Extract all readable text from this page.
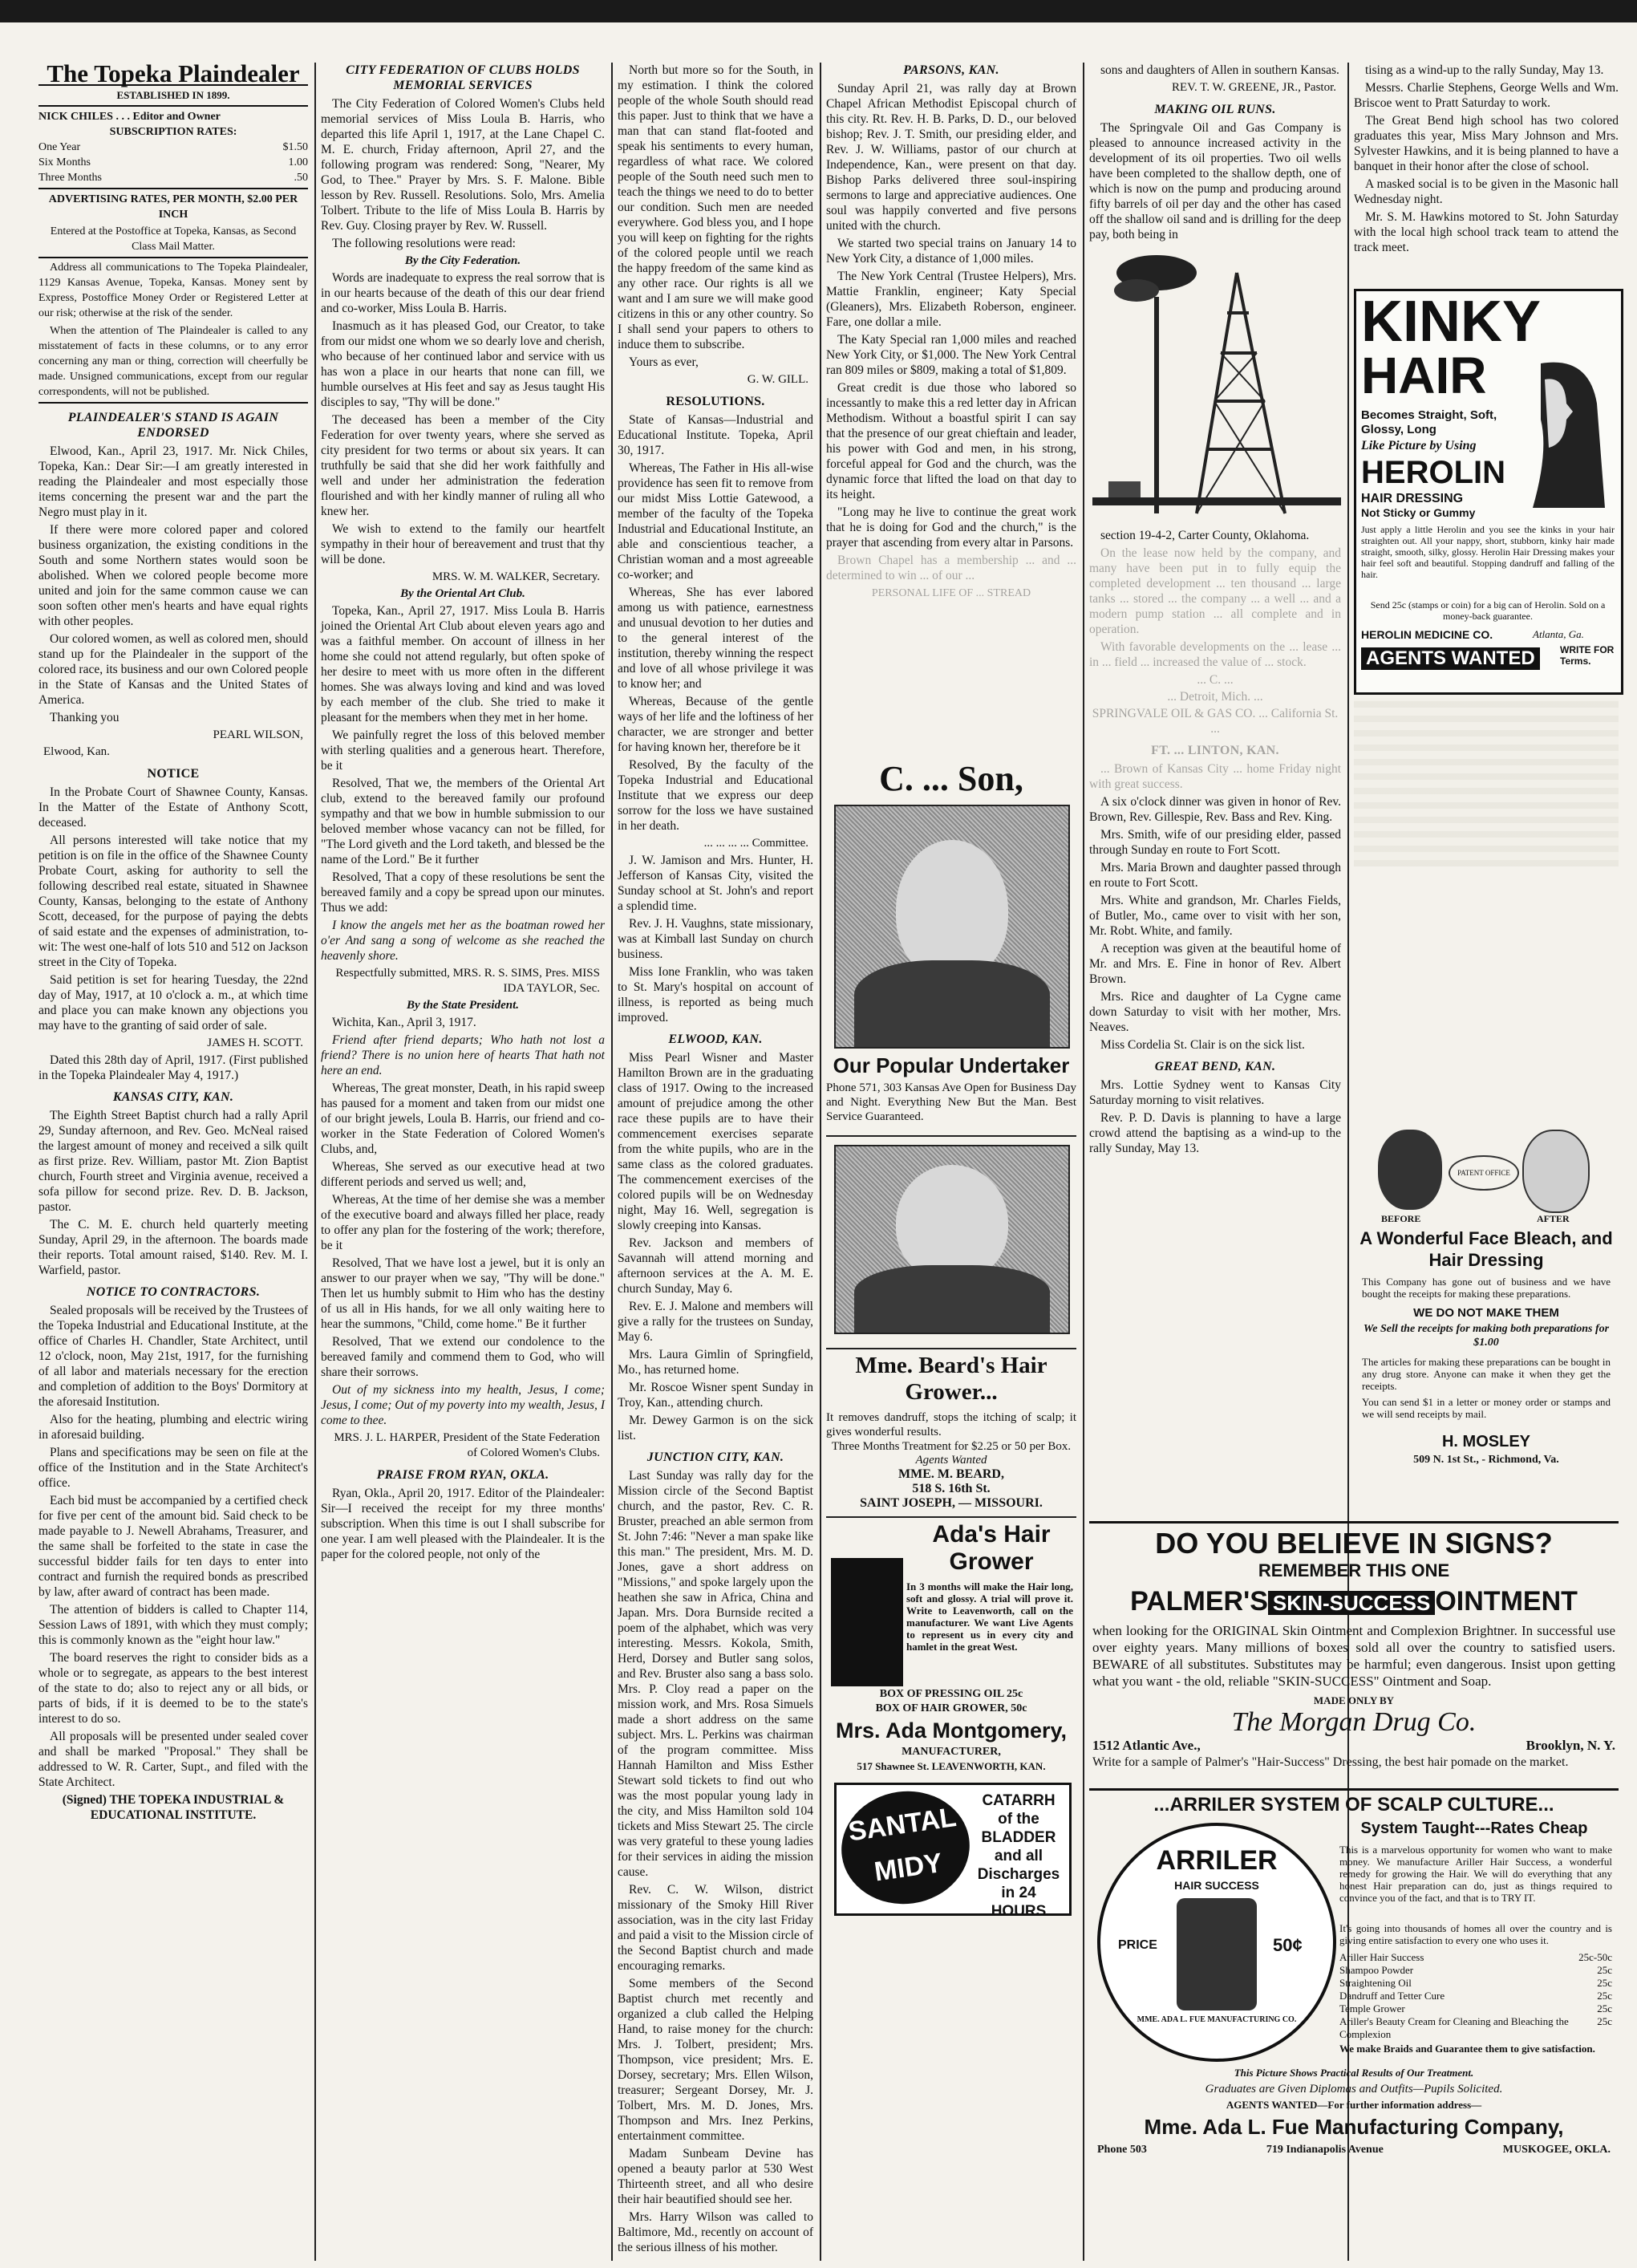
The Topeka Plaindealer
ESTABLISHED IN 1899.
NICK CHILES . . . Editor and Owner
SUBSCRIPTION RATES:
One Year	$1.50
Six Months	1.00
Three Months	.50
ADVERTISING RATES, PER MONTH, $2.00 PER INCH
Entered at the Postoffice at Topeka, Kansas, as Second Class Mail Matter.

Address all communications to The Topeka Plaindealer, 1129 Kansas Avenue, Topeka, Kansas. Money sent by Express, Postoffice Money Order or Registered Letter at our risk; otherwise at the risk of the sender.

When the attention of The Plaindealer is called to any misstatement of facts in these columns, or to any error concerning any man or thing, correction will cheerfully be made. Unsigned communications, except from our regular correspondents, will not be published.

PLAINDEALER'S STAND IS AGAIN ENDORSED

Elwood, Kan., April 23, 1917. Mr. Nick Chiles, Topeka, Kan.: Dear Sir:—I am greatly interested in reading the Plaindealer and most especially those items concerning the present war and the part the Negro must play in it.

If there were more colored paper and colored business organization, the existing conditions in the South and some Northern states would soon be abolished. When we colored people become more united and join for the same common cause we can soon soften other men's hearts and have equal rights with other peoples.

Our colored women, as well as colored men, should stand up for the Plaindealer in the support of the colored race, its business and our own Colored people in the State of Kansas and the United States of America.

Thanking you

PEARL WILSON,
Elwood, Kan.
NOTICE

In the Probate Court of Shawnee County, Kansas. In the Matter of the Estate of Anthony Scott, deceased.

All persons interested will take notice that my petition is on file in the office of the Shawnee County Probate Court, asking for authority to sell the following described real estate, situated in Shawnee County, Kansas, belonging to the estate of Anthony Scott, deceased, for the purpose of paying the debts of said estate and the expenses of administration, to-wit: The west one-half of lots 510 and 512 on Jackson street in the City of Topeka.

Said petition is set for hearing Tuesday, the 22nd day of May, 1917, at 10 o'clock a. m., at which time and place you can make known any objections you may have to the granting of said order of sale.

JAMES H. SCOTT.

Dated this 28th day of April, 1917. (First published in the Topeka Plaindealer May 4, 1917.)

KANSAS CITY, KAN.

The Eighth Street Baptist church had a rally April 29, Sunday afternoon, and Rev. Geo. McNeal raised the largest amount of money and received a silk quilt as first prize. Rev. William, pastor Mt. Zion Baptist church, Fourth street and Virginia avenue, received a sofa pillow for second prize. Rev. D. B. Jackson, pastor.

The C. M. E. church held quarterly meeting Sunday, April 29, in the afternoon. The boards made their reports. Total amount raised, $140. Rev. M. I. Warfield, pastor.

NOTICE TO CONTRACTORS.

Sealed proposals will be received by the Trustees of the Topeka Industrial and Educational Institute, at the office of Charles H. Chandler, State Architect, until 12 o'clock, noon, May 21st, 1917, for the furnishing of all labor and materials necessary for the erection and completion of addition to the Boys' Dormitory at the aforesaid Institution.

Also for the heating, plumbing and electric wiring in aforesaid building.

Plans and specifications may be seen on file at the office of the Institution and in the State Architect's office.

Each bid must be accompanied by a certified check for five per cent of the amount bid. Said check to be made payable to J. Newell Abrahams, Treasurer, and the same shall be forfeited to the state in case the successful bidder fails for ten days to enter into contract and furnish the required bonds as prescribed by law, after award of contract has been made.

The attention of bidders is called to Chapter 114, Session Laws of 1891, with which they must comply; this is commonly known as the "eight hour law."

The board reserves the right to consider bids as a whole or to segregate, as appears to the best interest of the state to do; also to reject any or all bids, or parts of bids, if it is deemed to be to the state's interest to do so.

All proposals will be presented under sealed cover and shall be marked "Proposal." They shall be addressed to W. R. Carter, Supt., and filed with the State Architect.

(Signed) THE TOPEKA INDUSTRIAL & EDUCATIONAL INSTITUTE.
CITY FEDERATION OF CLUBS HOLDS MEMORIAL SERVICES

The City Federation of Colored Women's Clubs held memorial services of Miss Loula B. Harris, who departed this life April 1, 1917, at the Lane Chapel C. M. E. church, Friday afternoon, April 27, and the following program was rendered: Song, "Nearer, My God, to Thee." Prayer by Mrs. S. F. Malone. Bible lesson by Rev. Russell. Resolutions. Solo, Mrs. Amelia Tolbert. Tribute to the life of Miss Loula B. Harris by Rev. Guy. Closing prayer by Rev. W. Russell.

The following resolutions were read:

By the City Federation.

Words are inadequate to express the real sorrow that is in our hearts because of the death of this our dear friend and co-worker, Miss Loula B. Harris.

Inasmuch as it has pleased God, our Creator, to take from our midst one whom we so dearly love and cherish, who because of her continued labor and service with us has won a place in our hearts that none can fill, we humble ourselves at His feet and say as Jesus taught His disciples to say, "Thy will be done."

The deceased has been a member of the City Federation for over twenty years, where she served as city president for two terms or about six years. It can truthfully be said that she did her work faithfully and well and under her administration the federation flourished and with her kindly manner of ruling all who knew her.

We wish to extend to the family our heartfelt sympathy in their hour of bereavement and trust that thy will be done.

MRS. W. M. WALKER, Secretary.
By the Oriental Art Club.

Topeka, Kan., April 27, 1917. Miss Loula B. Harris joined the Oriental Art Club about eleven years ago and was a faithful member. On account of illness in her home she could not attend regularly, but often spoke of her desire to meet with us more often in the different homes. She was always loving and kind and was loved by each member of the club. She tried to make it pleasant for the members when they met in her home.

We painfully regret the loss of this beloved member with sterling qualities and a generous heart. Therefore, be it

Resolved, That we, the members of the Oriental Art club, extend to the bereaved family our profound sympathy and that we bow in humble submission to our beloved member whose vacancy can not be filled, for "The Lord giveth and the Lord taketh, and blessed be the name of the Lord." Be it further

Resolved, That a copy of these resolutions be sent the bereaved family and a copy be spread upon our minutes. Thus we add:

I know the angels met her as the boatman rowed her o'er And sang a song of welcome as she reached the heavenly shore.

Respectfully submitted, MRS. R. S. SIMS, Pres. MISS IDA TAYLOR, Sec.
By the State President.

Wichita, Kan., April 3, 1917.

Friend after friend departs; Who hath not lost a friend? There is no union here of hearts That hath not here an end.

Whereas, The great monster, Death, in his rapid sweep has paused for a moment and taken from our midst one of our bright jewels, Loula B. Harris, our friend and co-worker in the State Federation of Colored Women's Clubs, and,

Whereas, She served as our executive head at two different periods and served us well; and,

Whereas, At the time of her demise she was a member of the executive board and always filled her place, ready to offer any plan for the fostering of the work; therefore, be it

Resolved, That we have lost a jewel, but it is only an answer to our prayer when we say, "Thy will be done." Then let us humbly submit to Him who has the destiny of us all in His hands, for we all only waiting here to hear the summons, "Child, come home." Be it further

Resolved, That we extend our condolence to the bereaved family and commend them to God, who will share their sorrows.

Out of my sickness into my health, Jesus, I come; Jesus, I come; Out of my poverty into my wealth, Jesus, I come to thee.

MRS. J. L. HARPER, President of the State Federation of Colored Women's Clubs.
PRAISE FROM RYAN, OKLA.

Ryan, Okla., April 20, 1917. Editor of the Plaindealer: Sir—I received the receipt for my three months' subscription. When this time is out I shall subscribe for one year. I am well pleased with the Plaindealer. It is the paper for the colored people, not only of the

North but more so for the South, in my estimation. I think the colored people of the whole South should read this paper. Just to think that we have a man that can stand flat-footed and speak his sentiments to every human, regardless of what race. We colored people of the South need such men to teach the things we need to do to better our condition. Such men are needed everywhere. God bless you, and I hope you will keep on fighting for the rights of the colored people until we reach the happy freedom of the same kind as any other race. Our rights is all we want and I am sure we will make good citizens in this or any other country. So I shall send your papers to others to induce them to subscribe.

Yours as ever,

G. W. GILL.
RESOLUTIONS.

State of Kansas—Industrial and Educational Institute. Topeka, April 30, 1917.

Whereas, The Father in His all-wise providence has seen fit to remove from our midst Miss Lottie Gatewood, a member of the faculty of the Topeka Industrial and Educational Institute, an able and conscientious teacher, a Christian woman and a most agreeable co-worker; and

Whereas, She has ever labored among us with patience, earnestness and unusual devotion to her duties and to the general interest of the institution, thereby winning the respect and love of all whose privilege it was to know her; and

Whereas, Because of the gentle ways of her life and the loftiness of her character, we are stronger and better for having known her, therefore be it

Resolved, By the faculty of the Topeka Industrial and Educational Institute that we express our deep sorrow for the loss we have sustained in her death.

... ... ... ... Committee.

J. W. Jamison and Mrs. Hunter, H. Jefferson of Kansas City, visited the Sunday school at St. John's and report a splendid time.

Rev. J. H. Vaughns, state missionary, was at Kimball last Sunday on church business.

Miss Ione Franklin, who was taken to St. Mary's hospital on account of illness, is reported as being much improved.

ELWOOD, KAN.

Miss Pearl Wisner and Master Hamilton Brown are in the graduating class of 1917. Owing to the increased amount of prejudice among the other race these pupils are to have their commencement exercises separate from the white pupils, who are in the same class as the colored graduates. The commencement exercises of the colored pupils will be on Wednesday night, May 16. Well, segregation is slowly creeping into Kansas.

Rev. Jackson and members of Savannah will attend morning and afternoon services at the A. M. E. church Sunday, May 6.

Rev. E. J. Malone and members will give a rally for the trustees on Sunday, May 6.

Mrs. Laura Gimlin of Springfield, Mo., has returned home.

Mr. Roscoe Wisner spent Sunday in Troy, Kan., attending church.

Mr. Dewey Garmon is on the sick list.

JUNCTION CITY, KAN.

Last Sunday was rally day for the Mission circle of the Second Baptist church, and the pastor, Rev. C. R. Bruster, preached an able sermon from St. John 7:46: "Never a man spake like this man." The president, Mrs. M. D. Jones, gave a short address on "Missions," and spoke largely upon the heathen she saw in Africa, China and Japan. Mrs. Dora Burnside recited a poem of the alphabet, which was very interesting. Messrs. Kokola, Smith, Herd, Dorsey and Butler sang solos, and Rev. Bruster also sang a bass solo. Mrs. P. Cloy read a paper on the mission work, and Mrs. Rosa Simuels made a short address on the same subject. Mrs. L. Perkins was chairman of the program committee. Miss Hannah Hamilton and Miss Esther Stewart sold tickets to find out who was the most popular young lady in the city, and Miss Hamilton sold 104 tickets and Miss Stewart 25. The circle was very grateful to these young ladies for their services in aiding the mission cause.

Rev. C. W. Wilson, district missionary of the Smoky Hill River association, was in the city last Friday and paid a visit to the Mission circle of the Second Baptist church and made encouraging remarks.

Some members of the Second Baptist church met recently and organized a club called the Helping Hand, to raise money for the church: Mrs. J. Tolbert, president; Mrs. Thompson, vice president; Mrs. E. Dorsey, secretary; Mrs. Ellen Wilson, treasurer; Sergeant Dorsey, Mr. J. Tolbert, Mrs. M. D. Jones, Mrs. Thompson and Mrs. Inez Perkins, entertainment committee.

Madam Sunbeam Devine has opened a beauty parlor at 530 West Thirteenth street, and all who desire their hair beautified should see her.

Mrs. Harry Wilson was called to Baltimore, Md., recently on account of the serious illness of his mother.

PARSONS, KAN.

Sunday April 21, was rally day at Brown Chapel African Methodist Episcopal church of this city. Rt. Rev. H. B. Parks, D. D., our beloved bishop; Rev. J. T. Smith, our presiding elder, and Rev. J. W. Williams, pastor of our church at Independence, Kan., were present on that day. Bishop Parks delivered three soul-inspiring sermons to large and appreciative audiences. One soul was happily converted and five persons united with the church.

We started two special trains on January 14 to New York City, a distance of 1,000 miles.

The New York Central (Trustee Helpers), Mrs. Mattie Franklin, engineer; Katy Special (Gleaners), Mrs. Elizabeth Roberson, engineer. Fare, one dollar a mile.

The Katy Special ran 1,000 miles and reached New York City, or $1,000. The New York Central ran 809 miles or $809, making a total of $1,809.

Great credit is due those who labored so incessantly to make this a red letter day in African Methodism. Without a boastful spirit I can say that the presence of our great chieftain and leader, his power with God and men, in his strong, forceful appeal for God and the church, was the dynamic force that lifted the load on that day to its height.

"Long may he live to continue the great work that he is doing for God and the church," is the prayer that ascending from every altar in Parsons.

Brown Chapel has a membership ... and ... determined to win ... of our ...

PERSONAL LIFE OF ... STREAD
C. ... Son,
Our Popular Undertaker
Phone 571, 303 Kansas Ave Open for Business Day and Night. Everything New But the Man. Best Service Guaranteed.
Mme. Beard's Hair Grower...
It removes dandruff, stops the itching of scalp; it gives wonderful results.
Three Months Treatment for $2.25 or 50 per Box.
Agents Wanted
MME. M. BEARD,
518 S. 16th St.
SAINT JOSEPH, — MISSOURI.
Ada's Hair Grower
In 3 months will make the Hair long, soft and glossy. A trial will prove it. Write to Leavenworth, call on the manufacturer. We want Live Agents to represent us in every city and hamlet in the great West.
BOX OF PRESSING OIL 25c
BOX OF HAIR GROWER, 50c
Mrs. Ada Montgomery,
MANUFACTURER,
517 Shawnee St. LEAVENWORTH, KAN.
SANTAL MIDY
CATARRH of the BLADDER and all Discharges in 24 HOURS

sons and daughters of Allen in southern Kansas.

REV. T. W. GREENE, JR., Pastor.
MAKING OIL RUNS.

The Springvale Oil and Gas Company is pleased to announce increased activity in the development of its oil properties. Two oil wells have been completed to the shallow depth, one of which is now on the pump and producing around fifty barrels of oil per day and the other has cased off the shallow oil sand and is drilling for the deep pay, both being in

section 19-4-2, Carter County, Oklahoma.

On the lease now held by the company, and many have been put in to fully equip the completed development ... ten thousand ... large tanks ... stored ... the company ... a well ... and a modern pump station ... all complete and in operation.

With favorable developments on the ... lease ... in ... field ... increased the value of ... stock.

... C. ...
... Detroit, Mich. ...
SPRINGVALE OIL & GAS CO. ... California St. ...
FT. ... LINTON, KAN.

... Brown of Kansas City ... home Friday night with great success.

A six o'clock dinner was given in honor of Rev. Brown, Rev. Gillespie, Rev. Bass and Rev. King.

Mrs. Smith, wife of our presiding elder, passed through Sunday en route to Fort Scott.

Mrs. Maria Brown and daughter passed through en route to Fort Scott.

Mrs. White and grandson, Mr. Charles Fields, of Butler, Mo., came over to visit with her son, Mr. Robt. White, and family.

A reception was given at the beautiful home of Mr. and Mrs. E. Fine in honor of Rev. Albert Brown.

Mrs. Rice and daughter of La Cygne came down Saturday to visit with her mother, Mrs. Neaves.

Miss Cordelia St. Clair is on the sick list.

GREAT BEND, KAN.

Mrs. Lottie Sydney went to Kansas City Saturday morning to visit relatives.

Rev. P. D. Davis is planning to have a large crowd attend the baptising as a wind-up to the rally Sunday, May 13.

tising as a wind-up to the rally Sunday, May 13.

Messrs. Charlie Stephens, George Wells and Wm. Briscoe went to Pratt Saturday to work.

The Great Bend high school has two colored graduates this year, Miss Mary Johnson and Mrs. Sylvester Hawkins, and it is being planned to have a banquet in their honor after the close of school.

A masked social is to be given in the Masonic hall Wednesday night.

Mr. S. M. Hawkins motored to St. John Saturday with the local high school track team to attend the track meet.

KINKY
HAIR
Becomes Straight, Soft, Glossy, Long
Like Picture by Using
HEROLIN
HAIR DRESSING
Not Sticky or Gummy
Just apply a little Herolin and you see the kinks in your hair straighten out. All your nappy, short, stubborn, kinky hair made straight, smooth, silky, glossy. Herolin Hair Dressing makes your hair feel soft and beautiful. Stopping dandruff and falling of the hair.
Send 25c (stamps or coin) for a big can of Herolin. Sold on a money-back guarantee.
HEROLIN MEDICINE CO.	Atlanta, Ga.
AGENTS WANTED	WRITE FOR Terms.
PATENT OFFICE
BEFORE	AFTER
A Wonderful Face Bleach, and Hair Dressing
This Company has gone out of business and we have bought the receipts for making these preparations.
WE DO NOT MAKE THEM
We Sell the receipts for making both preparations for $1.00
The articles for making these preparations can be bought in any drug store. Anyone can make it when they get the receipts.
You can send $1 in a letter or money order or stamps and we will send receipts by mail.
H. MOSLEY
509 N. 1st St., - Richmond, Va.
DO YOU BELIEVE IN SIGNS?
REMEMBER THIS ONE
PALMER'S SKIN-SUCCESS OINTMENT
when looking for the ORIGINAL Skin Ointment and Complexion Brightner. In successful use over eighty years. Many millions of boxes sold all over the country to satisfied users. BEWARE of all substitutes. Substitutes may be harmful; even dangerous. Insist upon getting what you want - the old, reliable "SKIN-SUCCESS" Ointment and Soap.
MADE ONLY BY
The Morgan Drug Co.
1512 Atlantic Ave.,	Brooklyn, N. Y.
Write for a sample of Palmer's "Hair-Success" Dressing, the best hair pomade on the market.
...ARRILER SYSTEM OF SCALP CULTURE...
System Taught---Rates Cheap
ARRILER
HAIR SUCCESS
PRICE	50¢
MME. ADA L. FUE MANUFACTURING CO.
This is a marvelous opportunity for women who want to make money. We manufacture Ariller Hair Success, a wonderful remedy for growing the Hair. We will do everything that any honest Hair preparation can do, just as things required to convince you of the fact, and that is to TRY IT.
It's going into thousands of homes all over the country and is giving entire satisfaction to every one who uses it.
Ariller Hair Success	25c-50c
Shampoo Powder	25c
Straightening Oil	25c
Dandruff and Tetter Cure	25c
Temple Grower	25c
Ariller's Beauty Cream for Cleaning and Bleaching the Complexion
25c
We make Braids and Guarantee them to give satisfaction.
This Picture Shows Practical Results of Our Treatment.
Graduates are Given Diplomas and Outfits—Pupils Solicited.
AGENTS WANTED—For further information address—
Mme. Ada L. Fue Manufacturing Company,
Phone 503	719 Indianapolis Avenue	MUSKOGEE, OKLA.
